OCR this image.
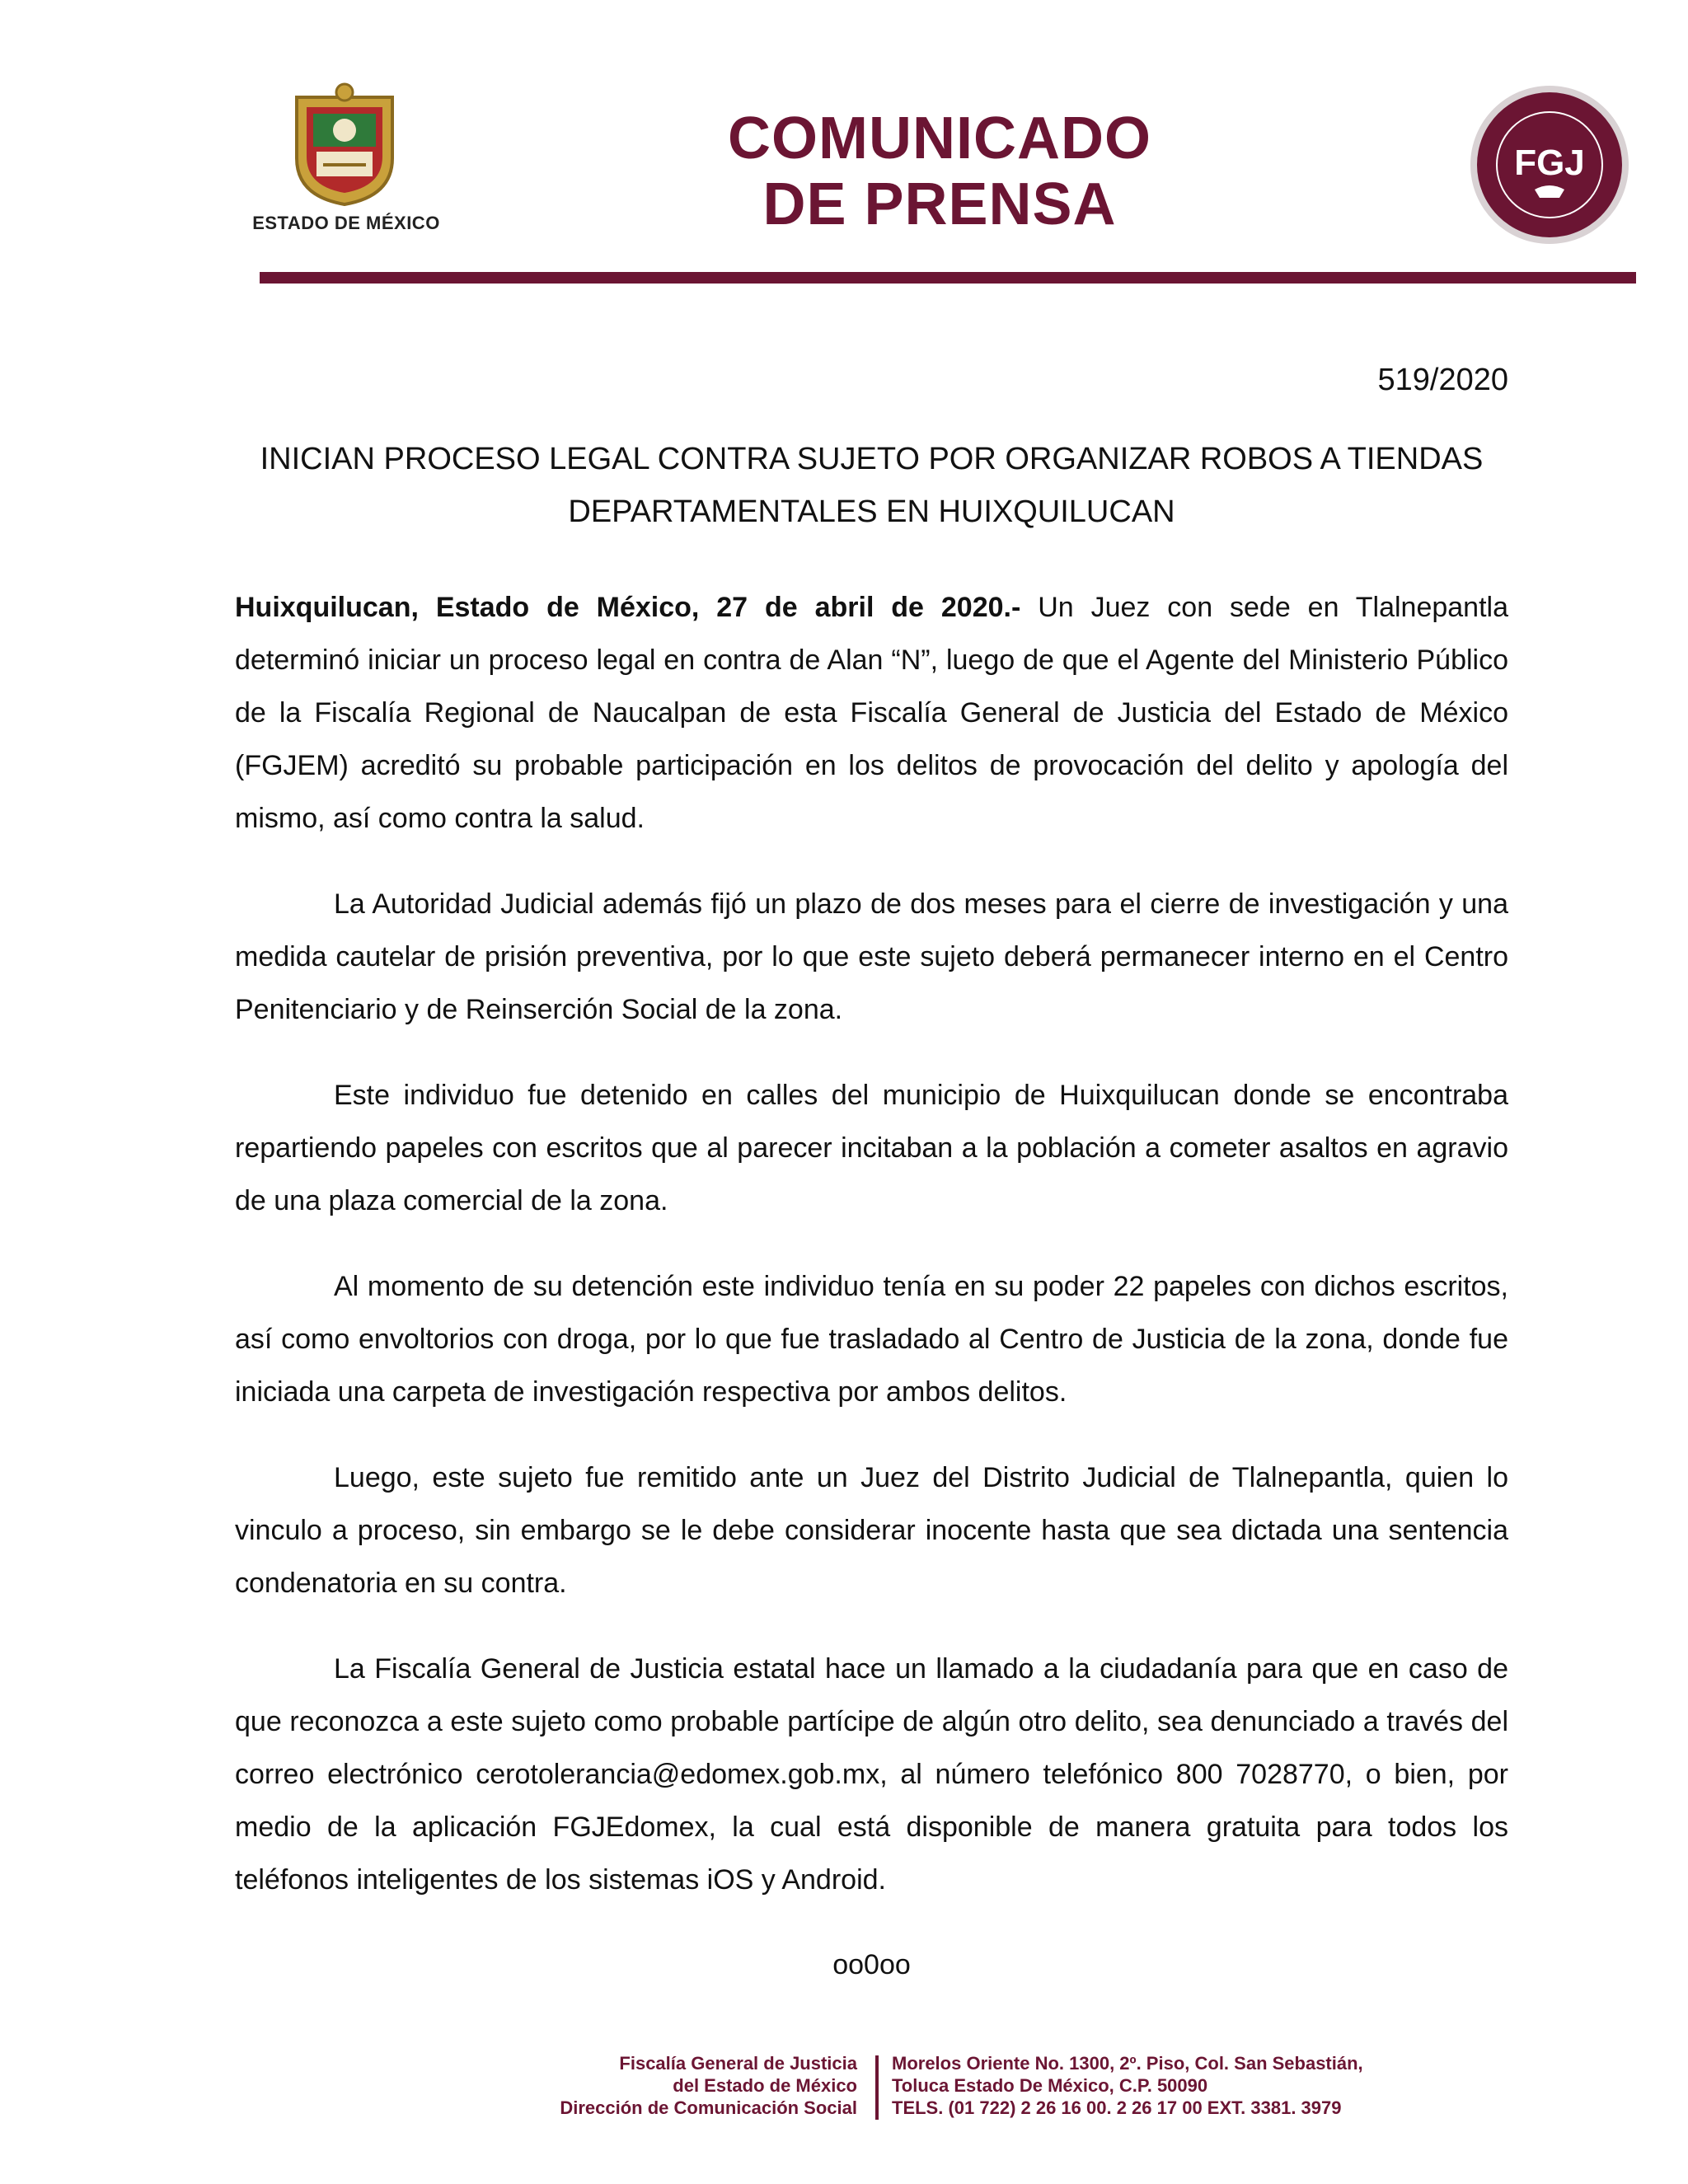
ESTADO DE MÉXICO
COMUNICADO
DE PRENSA
FGJ
519/2020
INICIAN PROCESO LEGAL CONTRA SUJETO POR ORGANIZAR ROBOS A TIENDAS
DEPARTAMENTALES EN HUIXQUILUCAN

Huixquilucan, Estado de México, 27 de abril de 2020.- Un Juez con sede en Tlalnepantla determinó iniciar un proceso legal en contra de Alan “N”, luego de que el Agente del Ministerio Público de la Fiscalía Regional de Naucalpan de esta Fiscalía General de Justicia del Estado de México (FGJEM) acreditó su probable participación en los delitos de provocación del delito y apología del mismo, así como contra la salud.

La Autoridad Judicial además fijó un plazo de dos meses para el cierre de investigación y una medida cautelar de prisión preventiva, por lo que este sujeto deberá permanecer interno en el Centro Penitenciario y de Reinserción Social de la zona.

Este individuo fue detenido en calles del municipio de Huixquilucan donde se encontraba repartiendo papeles con escritos que al parecer incitaban a la población a cometer asaltos en agravio de una plaza comercial de la zona.

Al momento de su detención este individuo tenía en su poder 22 papeles con dichos escritos, así como envoltorios con droga, por lo que fue trasladado al Centro de Justicia de la zona, donde fue iniciada una carpeta de investigación respectiva por ambos delitos.

Luego, este sujeto fue remitido ante un Juez del Distrito Judicial de Tlalnepantla, quien lo vinculo a proceso, sin embargo se le debe considerar inocente hasta que sea dictada una sentencia condenatoria en su contra.

La Fiscalía General de Justicia estatal hace un llamado a la ciudadanía para que en caso de que reconozca a este sujeto como probable partícipe de algún otro delito, sea denunciado a través del correo electrónico cerotolerancia@edomex.gob.mx, al número telefónico 800 7028770, o bien, por medio de la aplicación FGJEdomex, la cual está disponible de manera gratuita para todos los teléfonos inteligentes de los sistemas iOS y Android.

oo0oo
Fiscalía General de Justicia
del Estado de México
Dirección de Comunicación Social
Morelos Oriente No. 1300, 2º. Piso, Col. San Sebastián,
Toluca Estado De México, C.P. 50090
TELS. (01 722) 2 26 16 00. 2 26 17 00 EXT. 3381. 3979
